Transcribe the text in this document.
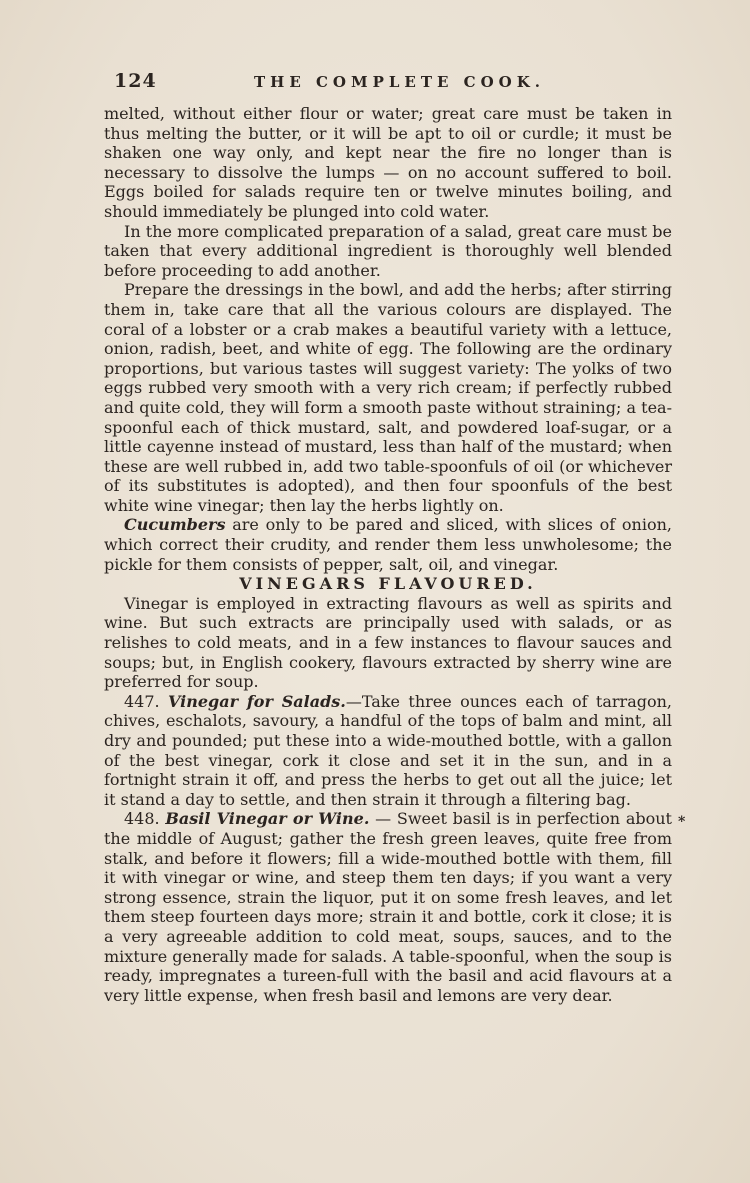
124	THE COMPLETE COOK.

melted, without either flour or water; great care must be taken in thus melting the butter, or it will be apt to oil or curdle; it must be shaken one way only, and kept near the fire no longer than is necessary to dissolve the lumps — on no account suffered to boil. Eggs boiled for salads require ten or twelve minutes boiling, and should immediately be plunged into cold water.

In the more complicated preparation of a salad, great care must be taken that every additional ingredient is thoroughly well blended before proceeding to add another.

Prepare the dressings in the bowl, and add the herbs; after stirring them in, take care that all the various colours are displayed. The coral of a lobster or a crab makes a beautiful variety with a lettuce, onion, radish, beet, and white of egg. The following are the ordinary proportions, but various tastes will suggest variety: The yolks of two eggs rubbed very smooth with a very rich cream; if perfectly rubbed and quite cold, they will form a smooth paste without straining; a tea-spoonful each of thick mustard, salt, and powdered loaf-sugar, or a little cayenne instead of mustard, less than half of the mustard; when these are well rubbed in, add two table-spoonfuls of oil (or whichever of its substitutes is adopted), and then four spoonfuls of the best white wine vinegar; then lay the herbs lightly on.

Cucumbers are only to be pared and sliced, with slices of onion, which correct their crudity, and render them less unwholesome; the pickle for them consists of pepper, salt, oil, and vinegar.

VINEGARS FLAVOURED.

Vinegar is employed in extracting flavours as well as spirits and wine. But such extracts are principally used with salads, or as relishes to cold meats, and in a few instances to flavour sauces and soups; but, in English cookery, flavours extracted by sherry wine are preferred for soup.

447. Vinegar for Salads.—Take three ounces each of tarragon, chives, eschalots, savoury, a handful of the tops of balm and mint, all dry and pounded; put these into a wide-mouthed bottle, with a gallon of the best vinegar, cork it close and set it in the sun, and in a fortnight strain it off, and press the herbs to get out all the juice; let it stand a day to settle, and then strain it through a filtering bag.

448. Basil Vinegar or Wine. — Sweet basil is in perfection about the middle of August; gather the fresh green leaves, quite free from stalk, and before it flowers; fill a wide-mouthed bottle with them, fill it with vinegar or wine, and steep them ten days; if you want a very strong essence, strain the liquor, put it on some fresh leaves, and let them steep fourteen days more; strain it and bottle, cork it close; it is a very agreeable addition to cold meat, soups, sauces, and to the mixture generally made for salads. A table-spoonful, when the soup is ready, impregnates a tureen-full with the basil and acid flavours at a very little expense, when fresh basil and lemons are very dear.

*
